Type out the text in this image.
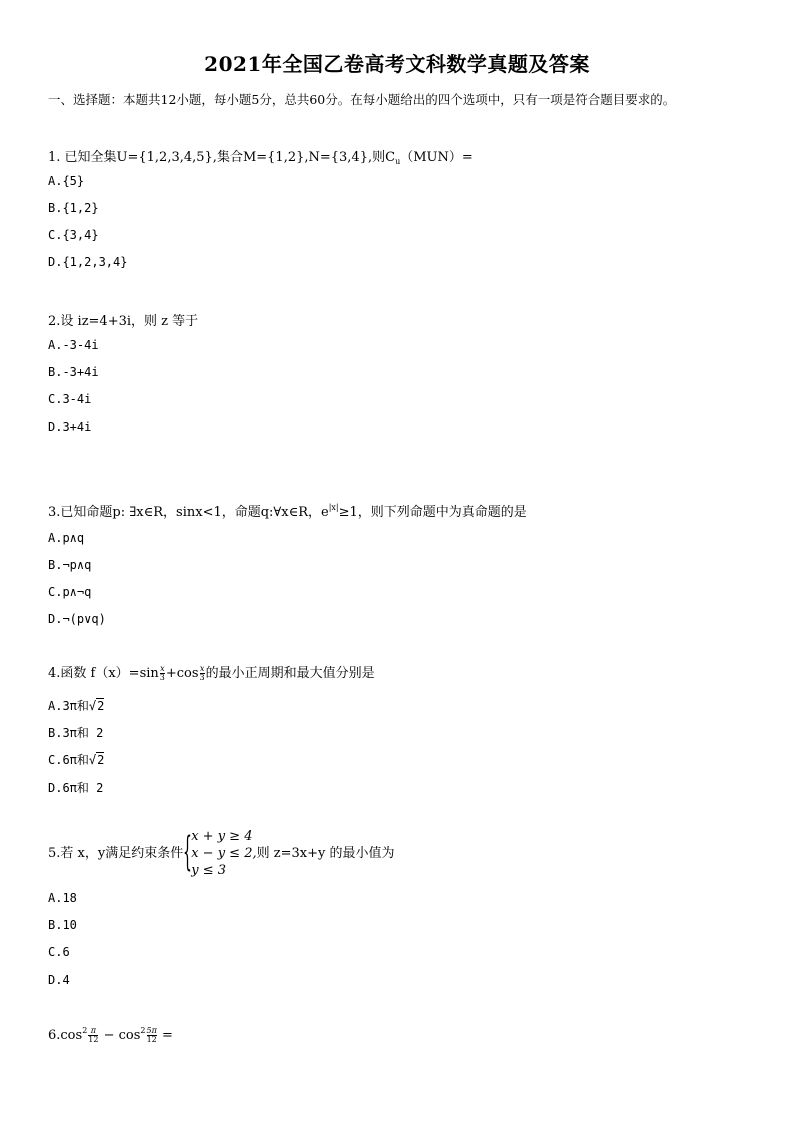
2021年全国乙卷高考文科数学真题及答案
一、选择题：本题共12小题，每小题5分，总共60分。在每小题给出的四个选项中，只有一项是符合题目要求的。
1. 已知全集U={1,2,3,4,5},集合M={1,2},N={3,4},则$C_u(MUN)=$
A.{5}
B.{1,2}
C.{3,4}
D.{1,2,3,4}
2.设 iz=4+3i，则 z 等于
A.-3-4i
B.-3+4i
C.3-4i
D.3+4i
3.已知命题p: ∃x∈R，sinx<1，命题q:∀x∈R，$e^{|x|}\ge 1$，则下列命题中为真命题的是
A.p∧q
B.¬p∧q
C.p∧¬q
D.¬(p∨q)
4.函数 $f(x)=\sin \frac{x}{3} +\cos \frac{x}{3}$ 的最小正周期和最大值分别是
A.3π和√2
B.3π和 2
C.6π和√2
D.6π和 2
5.若 x，y满足约束条件 { x + y ≥ 4
x − y ≤ 2,
y ≤ 3
则 z=3x+y 的最小值为
A.18
B.10
C.6
D.4
$6.\cos^2 \frac{\pi}{12} - \cos^2 \frac{5\pi}{12}$ =
